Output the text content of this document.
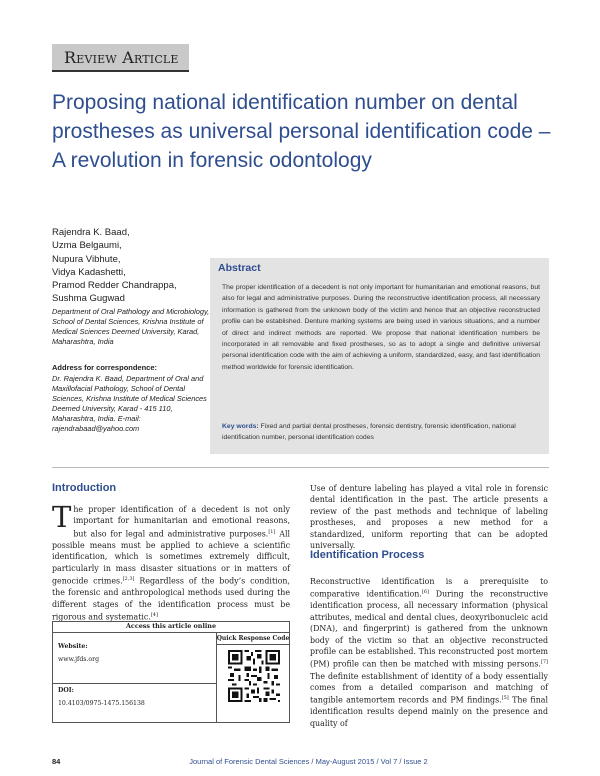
Review Article
Proposing national identification number on dental prostheses as universal personal identification code – A revolution in forensic odontology
Rajendra K. Baad,
Uzma Belgaumi,
Nupura Vibhute,
Vidya Kadashetti,
Pramod Redder Chandrappa,
Sushma Gugwad
Department of Oral Pathology and Microbiology, School of Dental Sciences, Krishna Institute of Medical Sciences Deemed University, Karad, Maharashtra, India
Address for correspondence:
Dr. Rajendra K. Baad, Department of Oral and Maxillofacial Pathology, School of Dental Sciences, Krishna Institute of Medical Sciences Deemed University, Karad - 415 110, Maharashtra, India. E-mail: rajendrabaad@yahoo.com
Abstract
The proper identification of a decedent is not only important for humanitarian and emotional reasons, but also for legal and administrative purposes. During the reconstructive identification process, all necessary information is gathered from the unknown body of the victim and hence that an objective reconstructed profile can be established. Denture marking systems are being used in various situations, and a number of direct and indirect methods are reported. We propose that national identification numbers be incorporated in all removable and fixed prostheses, so as to adopt a single and definitive universal personal identification code with the aim of achieving a uniform, standardized, easy, and fast identification method worldwide for forensic identification.
Key words: Fixed and partial dental prostheses, forensic dentistry, forensic identification, national identification number, personal identification codes
Introduction
The proper identification of a decedent is not only important for humanitarian and emotional reasons, but also for legal and administrative purposes.[1] All possible means must be applied to achieve a scientific identification, which is sometimes extremely difficult, particularly in mass disaster situations or in matters of genocide crimes.[2,3] Regardless of the body’s condition, the forensic and anthropological methods used during the different stages of the identification process must be rigorous and systematic.[4]
Use of denture labeling has played a vital role in forensic dental identification in the past. The article presents a review of the past methods and technique of labeling prostheses, and proposes a new method for a standardized, uniform reporting that can be adopted universally.
Identification Process
Reconstructive identification is a prerequisite to comparative identification.[6] During the reconstructive identification process, all necessary information (physical attributes, medical and dental clues, deoxyribonucleic acid (DNA), and fingerprint) is gathered from the unknown body of the victim so that an objective reconstructed profile can be established. This reconstructed post mortem (PM) profile can then be matched with missing persons.[7] The definite establishment of identity of a body essentially comes from a detailed comparison and matching of tangible antemortem records and PM findings.[5] The final identification results depend mainly on the presence and quality of
Access this article online
Website:
www.jfds.org
DOI:
10.4103/0975-1475.156138
Quick Response Code
84	Journal of Forensic Dental Sciences / May-August 2015 / Vol 7 / Issue 2
